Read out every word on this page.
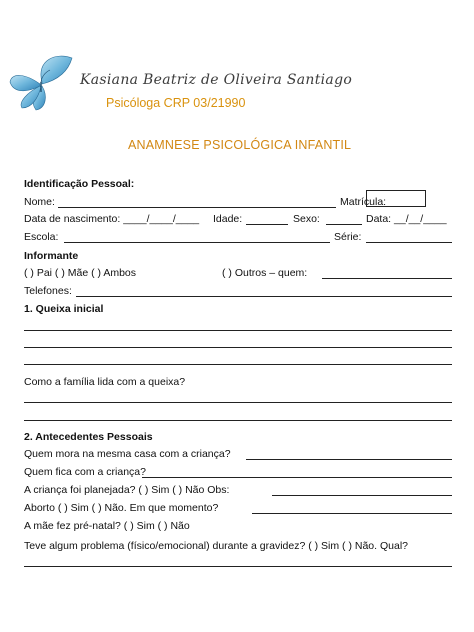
Kasiana Beatriz de Oliveira Santiago
Psicóloga CRP 03/21990
ANAMNESE PSICOLÓGICA INFANTIL
Identificação Pessoal:
Nome:	Matrícula:
Data de nascimento: ____/____/____ Idade:	Sexo:	Data: __/__/____
Escola:	Série:
Informante
( ) Pai ( ) Mãe ( ) Ambos	( ) Outros – quem:
Telefones:
1. Queixa inicial
Como a família lida com a queixa?
2. Antecedentes Pessoais
Quem mora na mesma casa com a criança?
Quem fica com a criança?
A criança foi planejada? ( ) Sim ( ) Não Obs:
Aborto ( ) Sim ( ) Não. Em que momento?
A mãe fez pré-natal? ( ) Sim ( ) Não
Teve algum problema (físico/emocional) durante a gravidez? ( ) Sim ( ) Não. Qual?
